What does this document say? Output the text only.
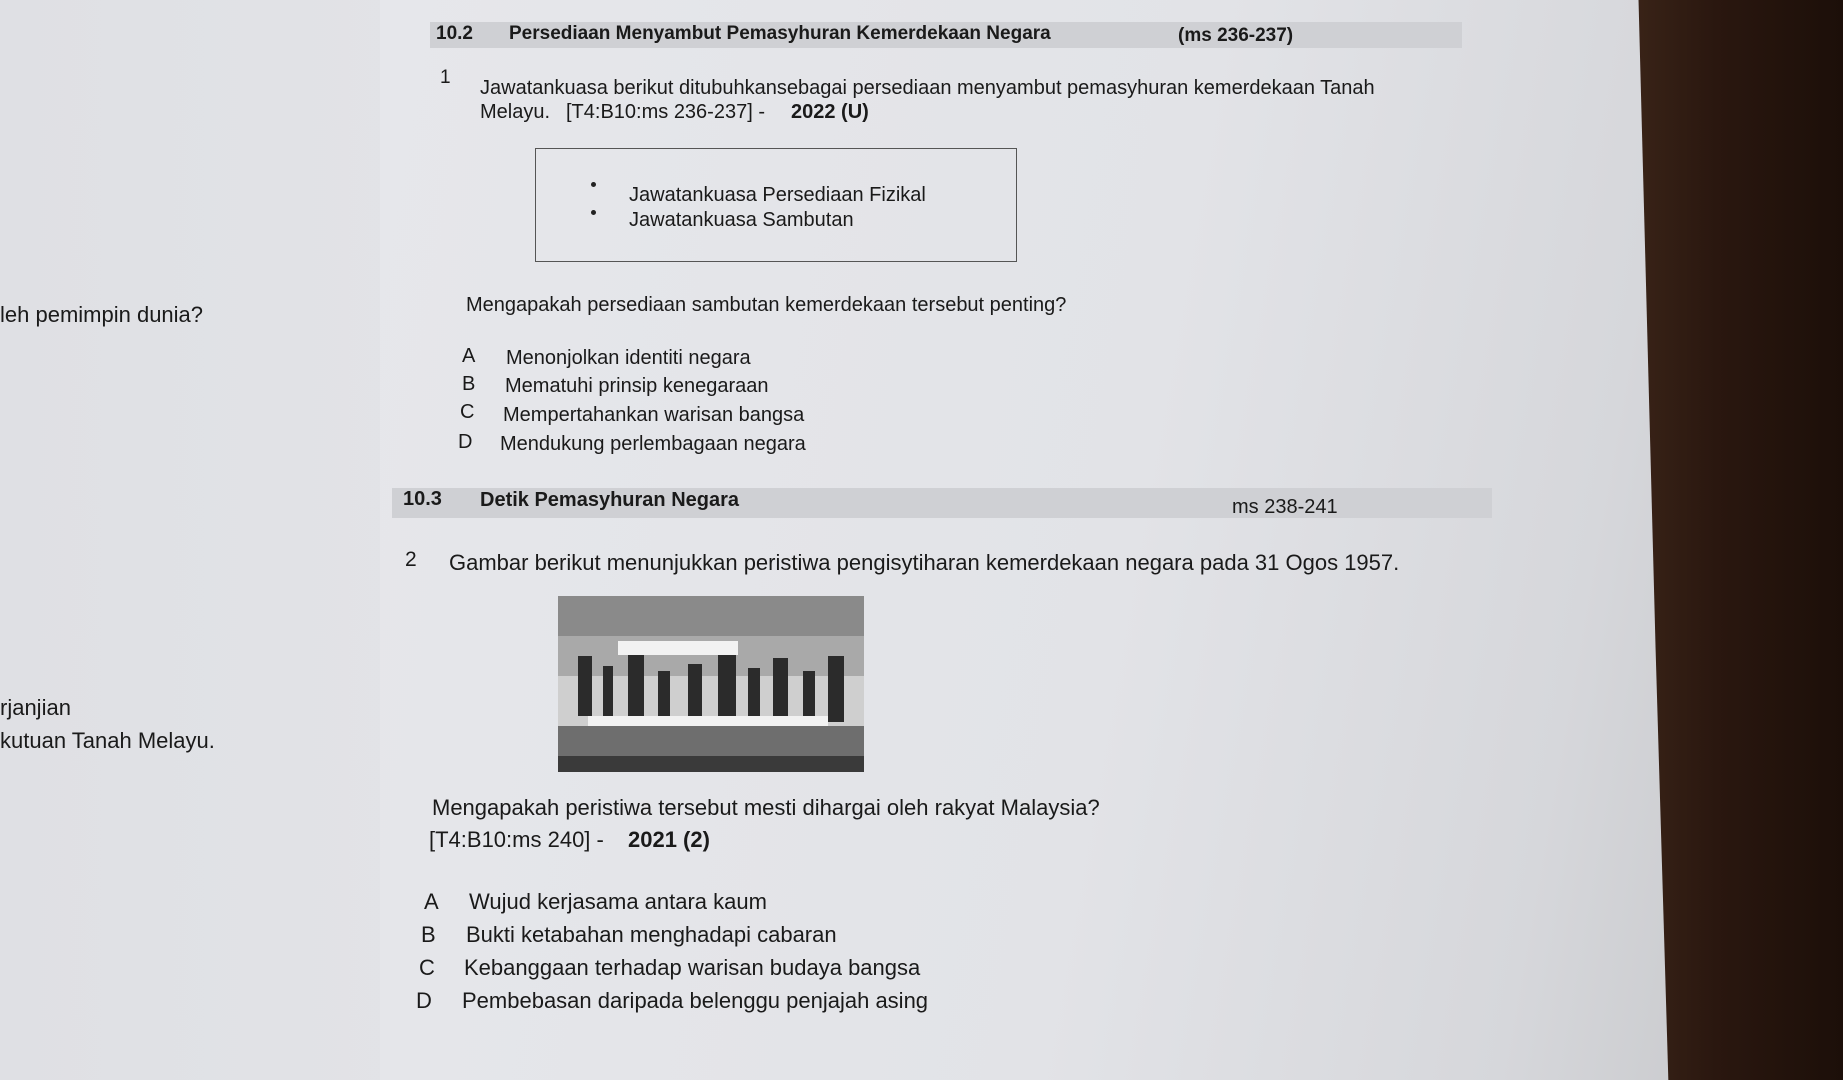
leh pemimpin dunia?
rjanjian
kutuan Tanah Melayu.
10.2 Persediaan Menyambut Pemasyhuran Kemerdekaan Negara	(ms 236-237)
1 Jawatankuasa berikut ditubuhkansebagai persediaan menyambut pemasyhuran kemerdekaan Tanah
Melayu. [T4:B10:ms 236-237] - 2022 (U)
Jawatankuasa Persediaan Fizikal
Jawatankuasa Sambutan
Mengapakah persediaan sambutan kemerdekaan tersebut penting?
A Menonjolkan identiti negara
B Mematuhi prinsip kenegaraan
C Mempertahankan warisan bangsa
D Mendukung perlembagaan negara
10.3 Detik Pemasyhuran Negara	ms 238-241
2 Gambar berikut menunjukkan peristiwa pengisytiharan kemerdekaan negara pada 31 Ogos 1957.
Mengapakah peristiwa tersebut mesti dihargai oleh rakyat Malaysia?
[T4:B10:ms 240] - 2021 (2)
A Wujud kerjasama antara kaum
B Bukti ketabahan menghadapi cabaran
C Kebanggaan terhadap warisan budaya bangsa
D Pembebasan daripada belenggu penjajah asing
